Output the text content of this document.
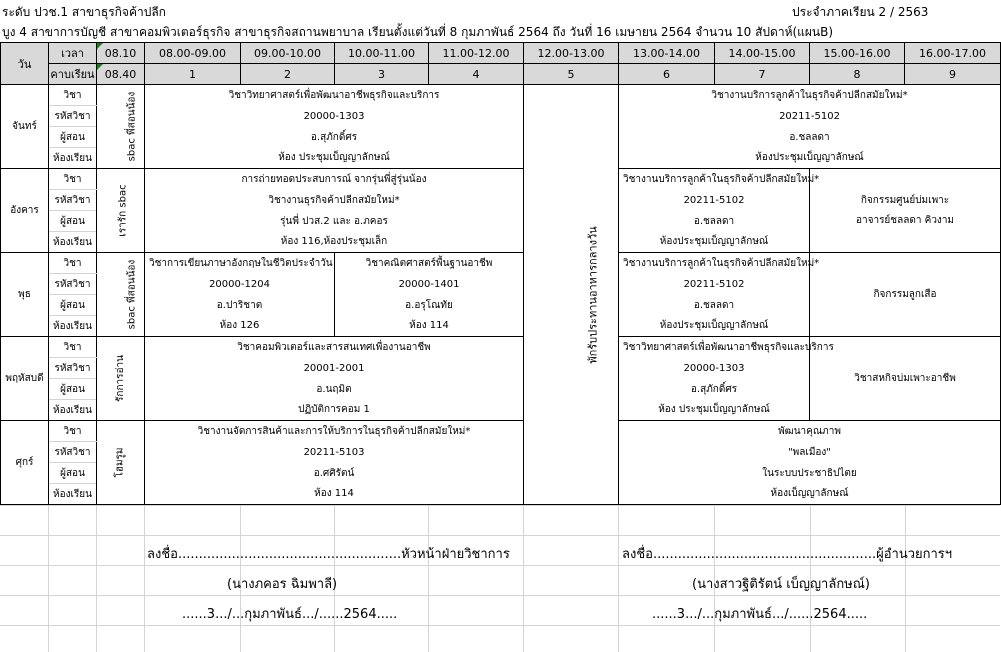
ระดับ ปวช.1 สาขาธุรกิจค้าปลีก	ประจำภาคเรียน 2 / 2563
บูง 4 สาขาการบัญชี สาขาคอมพิวเตอร์ธุรกิจ สาขาธุรกิจสถานพยาบาล เรียนตั้งแต่วันที่ 8 กุมภาพันธ์ 2564 ถึง วันที่ 16 เมษายน 2564 จำนวน 10 สัปดาห์(แผนB)
วัน	เวลา	08.10	08.00-09.00	09.00-10.00	10.00-11.00	11.00-12.00	12.00-13.00	13.00-14.00	14.00-15.00	15.00-16.00	16.00-17.00
	คาบเรียน	08.40	1	2	3	4	5	6	7	8	9
จันทร์	วิชา	sbac พี่สอนน้อง	วิชาวิทยาศาสตร์เพื่อพัฒนาอาชีพธุรกิจและบริการ				พักรับประทานอาหารกลางวัน	วิชางานบริการลูกค้าในธุรกิจค้าปลีกสมัยใหม่*			
	รหัสวิชา		20000-1303					20211-5102			
	ผู้สอน		อ.สุภักดิ์ศร					อ.ชลลดา			
	ห้องเรียน		ห้อง ประชุมเบ็ญญาลักษณ์					ห้องประชุมเบ็ญญาลักษณ์			
อังคาร	วิชา	เรารัก sbac	การถ่ายทอดประสบการณ์ จากรุ่นพี่สู่รุ่นน้อง					วิชางานบริการลูกค้าในธุรกิจค้าปลีกสมัยใหม่*		กิจกรรมศูนย์บ่มเพาะ
อาจารย์ชลลดา คิวงาม	

	รหัสวิชา		วิชางานธุรกิจค้าปลีกสมัยใหม่*					20211-5102			
	ผู้สอน		รุ่นพี่ ปวส.2 และ อ.ภคอร					อ.ชลลดา			
	ห้องเรียน		ห้อง 116,ห้องประชุมเล็ก					ห้องประชุมเบ็ญญาลักษณ์			
พุธ	วิชา	sbac พี่สอนน้อง	วิชาการเขียนภาษาอังกฤษในชีวิตประจำวัน		วิชาคณิตศาสตร์พื้นฐานอาชีพ			วิชางานบริการลูกค้าในธุรกิจค้าปลีกสมัยใหม่*		กิจกรรมลูกเสือ	

	รหัสวิชา		20000-1204		20000-1401			20211-5102			
	ผู้สอน		อ.ปาริชาต		อ.อรุโณทัย			อ.ชลลดา			
	ห้องเรียน		ห้อง 126		ห้อง 114			ห้องประชุมเบ็ญญาลักษณ์			
พฤหัสบดี	วิชา	รักการอ่าน	วิชาคอมพิวเตอร์และสารสนเทศเพื่องานอาชีพ					วิชาวิทยาศาสตร์เพื่อพัฒนาอาชีพธุรกิจและบริการ		วิชาสหกิจบ่มเพาะอาชีพ	

	รหัสวิชา		20001-2001					20000-1303			
	ผู้สอน		อ.นฤมิต					อ.สุภักดิ์ศร			
	ห้องเรียน		ปฏิบัติการคอม 1					ห้อง ประชุมเบ็ญญาลักษณ์			
ศุกร์	วิชา	โฮมรูม	วิชางานจัดการสินค้าและการให้บริการในธุรกิจค้าปลีกสมัยใหม่*					พัฒนาคุณภาพ			
	รหัสวิชา		20211-5103					"พลเมือง"			
	ผู้สอน		อ.ศศิรัตน์					ในระบบประชาธิปไตย			
	ห้องเรียน		ห้อง 114					ห้องเบ็ญญาลักษณ์			
ลงชื่อ......................................................หัวหน้าฝ่ายวิชาการ
(นางภคอร ฉิมพาลี)
......3.../...กุมภาพันธ์.../......2564.....
ลงชื่อ......................................................ผู้อำนวยการฯ
(นางสาวฐิติรัตน์ เบ็ญญาลักษณ์)
......3.../...กุมภาพันธ์.../......2564.....
